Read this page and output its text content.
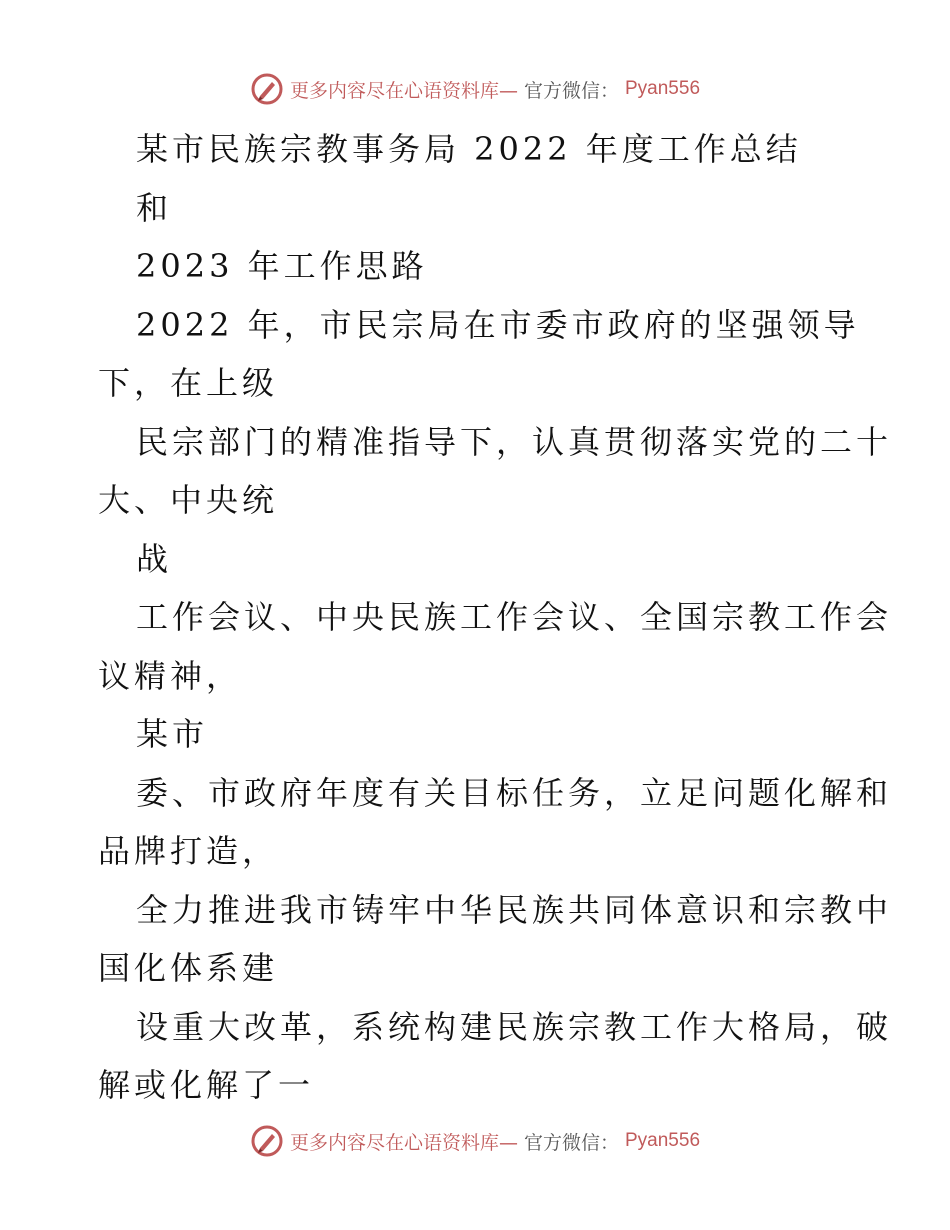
更多内容尽在心语资料库— 官方微信： Pyan556
某市民族宗教事务局 2022 年度工作总结
和
2023 年工作思路
2022 年，市民宗局在市委市政府的坚强领导
下，在上级
民宗部门的精准指导下，认真贯彻落实党的二十
大、中央统
战
工作会议、中央民族工作会议、全国宗教工作会
议精神，
某市
委、市政府年度有关目标任务，立足问题化解和
品牌打造，
全力推进我市铸牢中华民族共同体意识和宗教中
国化体系建
设重大改革，系统构建民族宗教工作大格局，破
解或化解了一
更多内容尽在心语资料库— 官方微信： Pyan556
